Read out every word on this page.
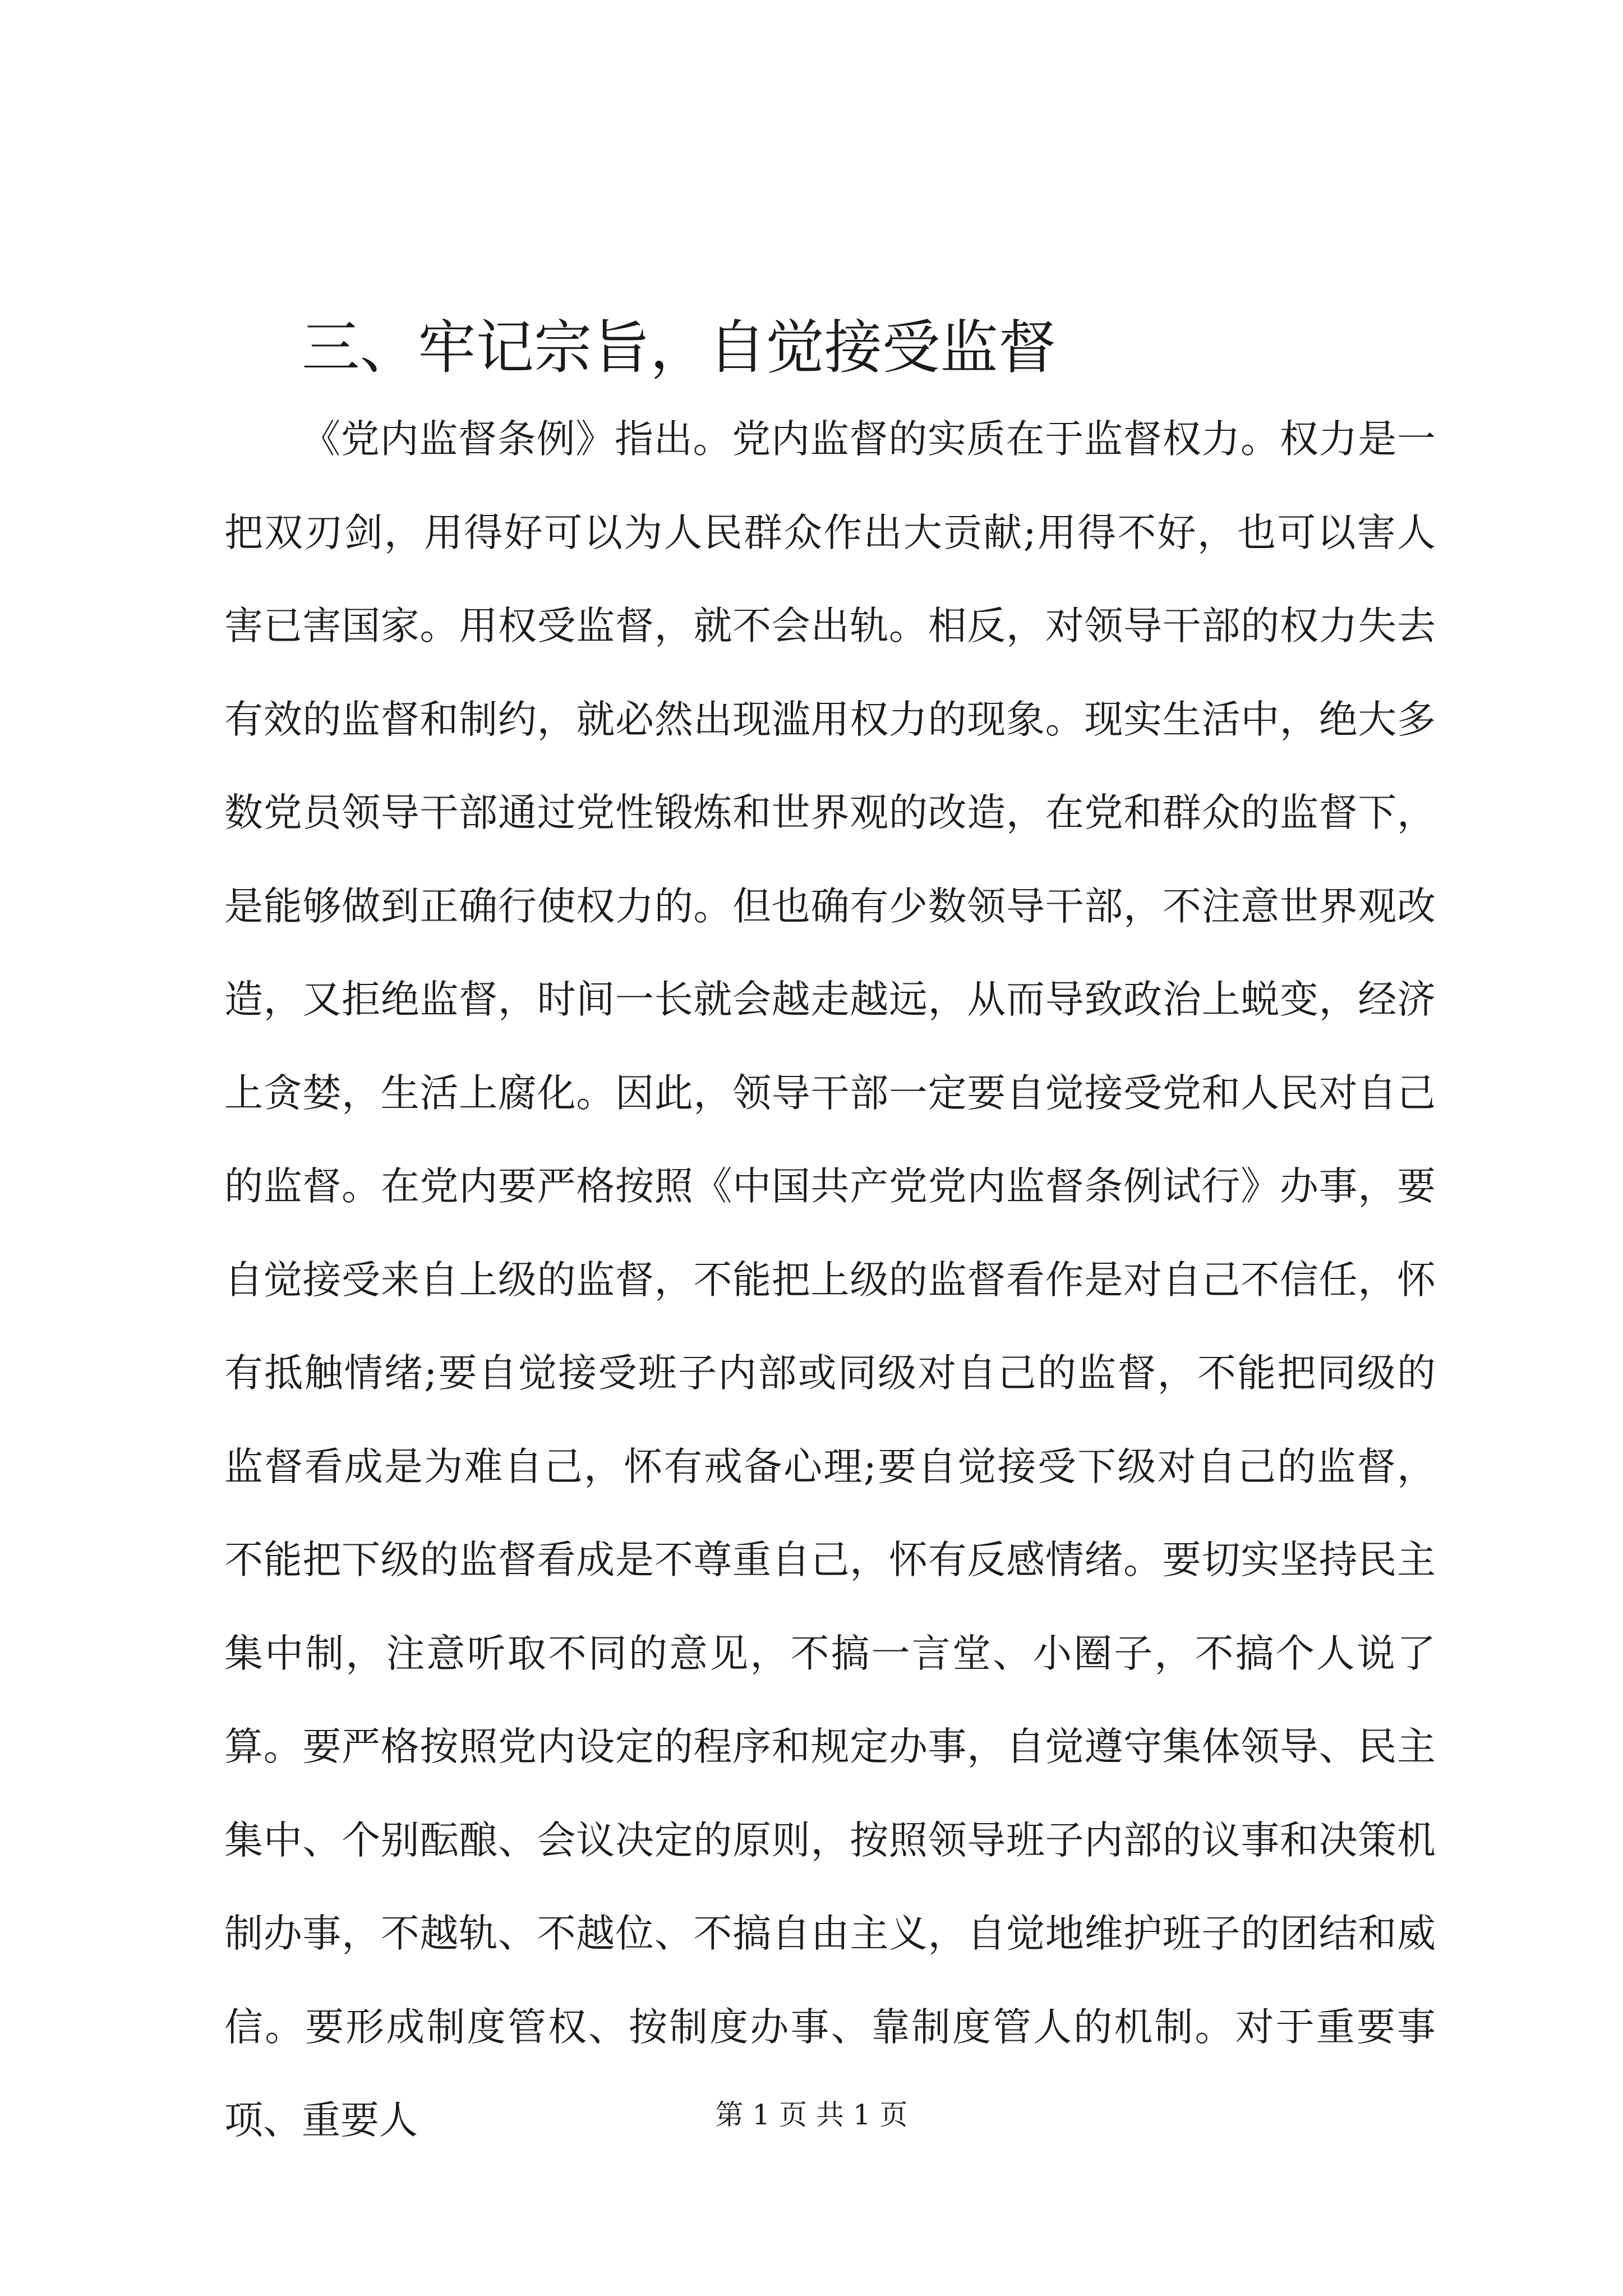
三、牢记宗旨，自觉接受监督

《党内监督条例》指出。党内监督的实质在于监督权力。权力是一把双刃剑，用得好可以为人民群众作出大贡献;用得不好，也可以害人害已害国家。用权受监督，就不会出轨。相反，对领导干部的权力失去有效的监督和制约，就必然出现滥用权力的现象。现实生活中，绝大多数党员领导干部通过党性锻炼和世界观的改造，在党和群众的监督下，是能够做到正确行使权力的。但也确有少数领导干部，不注意世界观改造，又拒绝监督，时间一长就会越走越远，从而导致政治上蜕变，经济上贪婪，生活上腐化。因此，领导干部一定要自觉接受党和人民对自己的监督。在党内要严格按照《中国共产党党内监督条例试行》办事，要自觉接受来自上级的监督，不能把上级的监督看作是对自己不信任，怀有抵触情绪;要自觉接受班子内部或同级对自己的监督，不能把同级的监督看成是为难自己，怀有戒备心理;要自觉接受下级对自己的监督，不能把下级的监督看成是不尊重自己，怀有反感情绪。要切实坚持民主集中制，注意听取不同的意见，不搞一言堂、小圈子，不搞个人说了算。要严格按照党内设定的程序和规定办事，自觉遵守集体领导、民主集中、个别酝酿、会议决定的原则，按照领导班子内部的议事和决策机制办事，不越轨、不越位、不搞自由主义，自觉地维护班子的团结和威信。要形成制度管权、按制度办事、靠制度管人的机制。对于重要事项、重要人	第 1 页 共 1 页
